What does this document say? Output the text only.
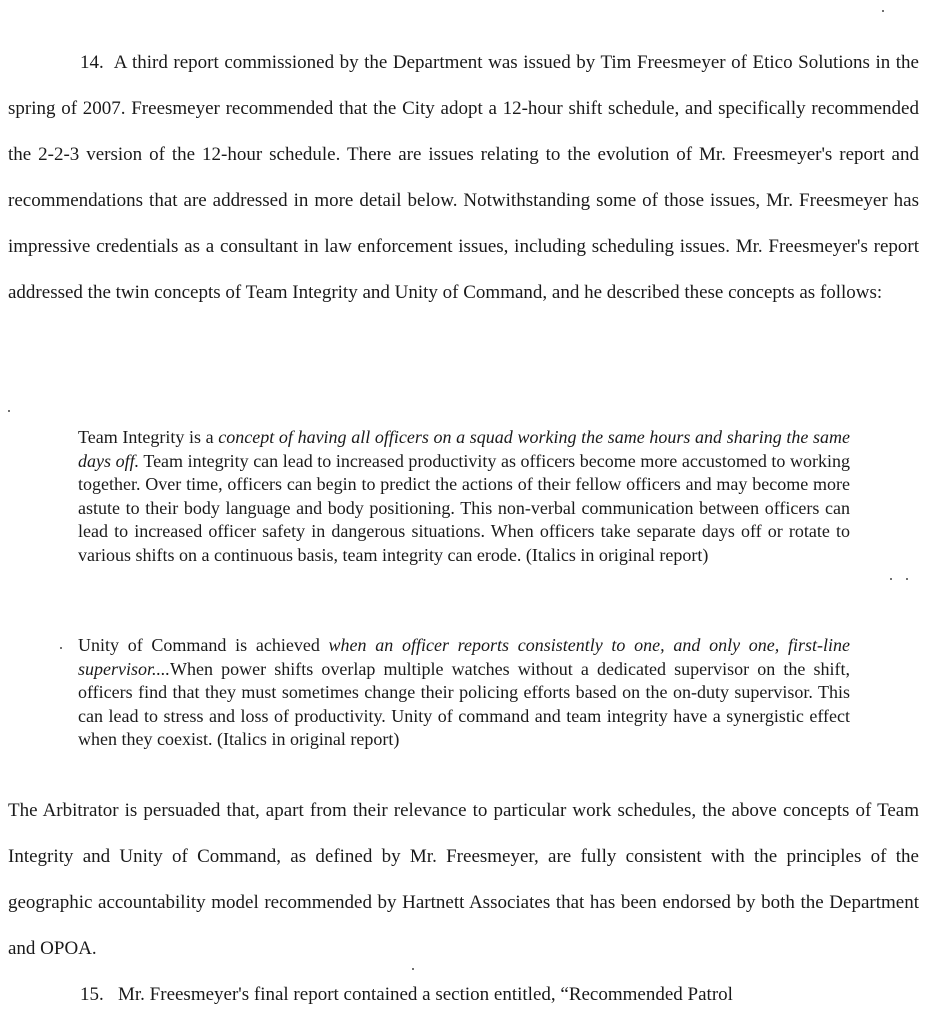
14. A third report commissioned by the Department was issued by Tim Freesmeyer of Etico Solutions in the spring of 2007. Freesmeyer recommended that the City adopt a 12-hour shift schedule, and specifically recommended the 2-2-3 version of the 12-hour schedule. There are issues relating to the evolution of Mr. Freesmeyer's report and recommendations that are addressed in more detail below. Notwithstanding some of those issues, Mr. Freesmeyer has impressive credentials as a consultant in law enforcement issues, including scheduling issues. Mr. Freesmeyer's report addressed the twin concepts of Team Integrity and Unity of Command, and he described these concepts as follows:

Team Integrity is a concept of having all officers on a squad working the same hours and sharing the same days off. Team integrity can lead to increased productivity as officers become more accustomed to working together. Over time, officers can begin to predict the actions of their fellow officers and may become more astute to their body language and body positioning. This non-verbal communication between officers can lead to increased officer safety in dangerous situations. When officers take separate days off or rotate to various shifts on a continuous basis, team integrity can erode. (Italics in original report)

Unity of Command is achieved when an officer reports consistently to one, and only one, first-line supervisor....When power shifts overlap multiple watches without a dedicated supervisor on the shift, officers find that they must sometimes change their policing efforts based on the on-duty supervisor. This can lead to stress and loss of productivity. Unity of command and team integrity have a synergistic effect when they coexist. (Italics in original report)

The Arbitrator is persuaded that, apart from their relevance to particular work schedules, the above concepts of Team Integrity and Unity of Command, as defined by Mr. Freesmeyer, are fully consistent with the principles of the geographic accountability model recommended by Hartnett Associates that has been endorsed by both the Department and OPOA.

15. Mr. Freesmeyer's final report contained a section entitled, “Recommended Patrol
